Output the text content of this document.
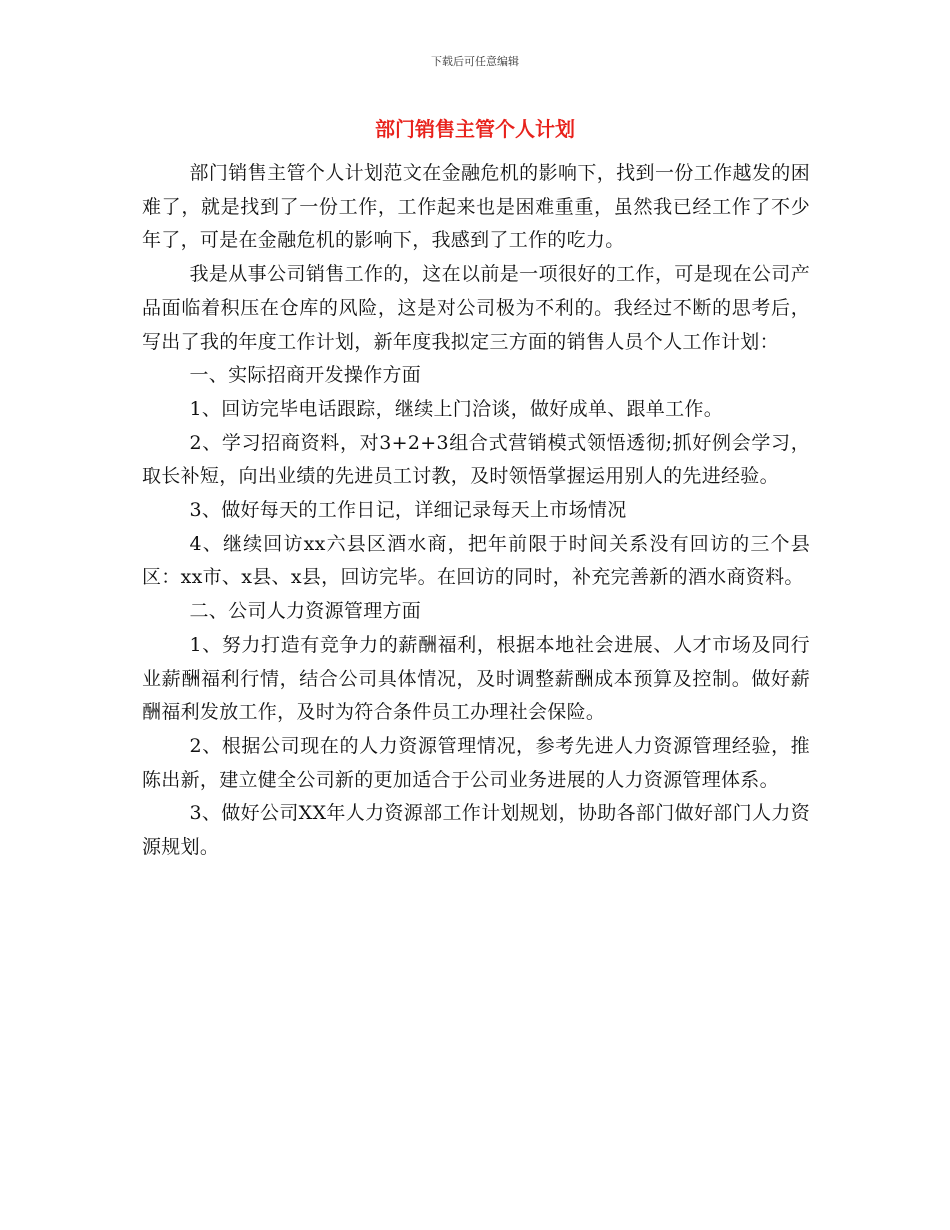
下载后可任意编辑
部门销售主管个人计划

部门销售主管个人计划范文在金融危机的影响下，找到一份工作越发的困难了，就是找到了一份工作，工作起来也是困难重重，虽然我已经工作了不少年了，可是在金融危机的影响下，我感到了工作的吃力。

我是从事公司销售工作的，这在以前是一项很好的工作，可是现在公司产品面临着积压在仓库的风险，这是对公司极为不利的。我经过不断的思考后，写出了我的年度工作计划，新年度我拟定三方面的销售人员个人工作计划：

一、实际招商开发操作方面

1、回访完毕电话跟踪，继续上门洽谈，做好成单、跟单工作。

2、学习招商资料，对3+2+3组合式营销模式领悟透彻;抓好例会学习，取长补短，向出业绩的先进员工讨教，及时领悟掌握运用别人的先进经验。

3、做好每天的工作日记，详细记录每天上市场情况

4、继续回访xx六县区酒水商，把年前限于时间关系没有回访的三个县区：xx市、x县、x县，回访完毕。在回访的同时，补充完善新的酒水商资料。

二、公司人力资源管理方面

1、努力打造有竞争力的薪酬福利，根据本地社会进展、人才市场及同行业薪酬福利行情，结合公司具体情况，及时调整薪酬成本预算及控制。做好薪酬福利发放工作，及时为符合条件员工办理社会保险。

2、根据公司现在的人力资源管理情况，参考先进人力资源管理经验，推陈出新，建立健全公司新的更加适合于公司业务进展的人力资源管理体系。

3、做好公司XX年人力资源部工作计划规划，协助各部门做好部门人力资源规划。
